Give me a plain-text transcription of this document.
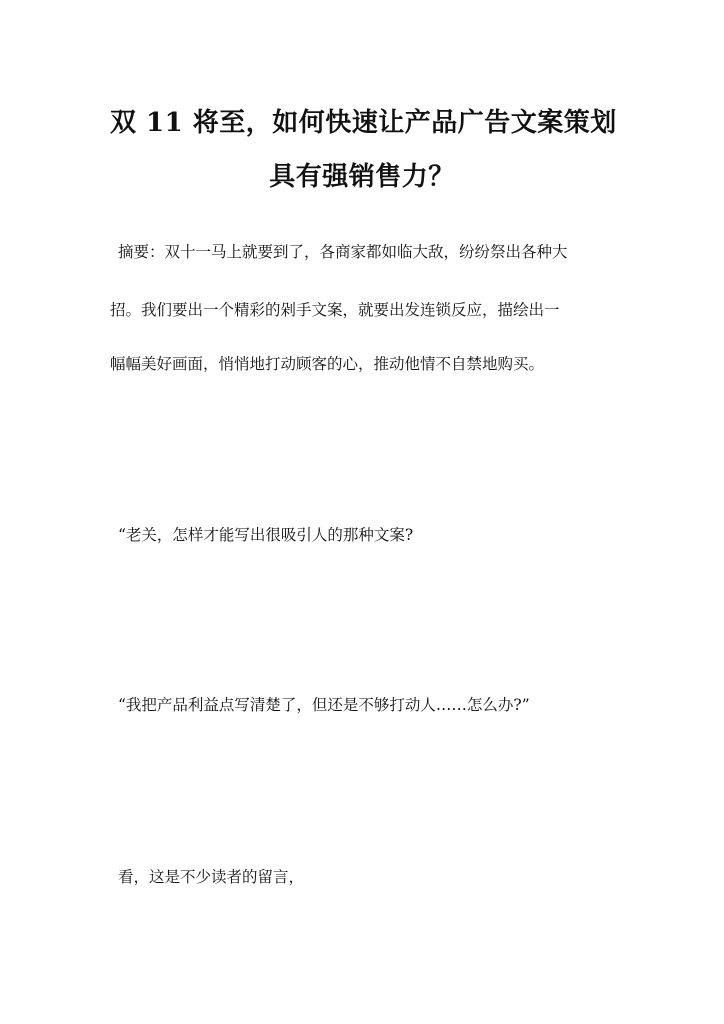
双 11 将至，如何快速让产品广告文案策划
具有强销售力？
摘要：双十一马上就要到了，各商家都如临大敌，纷纷祭出各种大
招。我们要出一个精彩的剁手文案，就要出发连锁反应，描绘出一
幅幅美好画面，悄悄地打动顾客的心，推动他情不自禁地购买。
“老关，怎样才能写出很吸引人的那种文案?
“我把产品利益点写清楚了，但还是不够打动人……怎么办?”
看，这是不少读者的留言，
